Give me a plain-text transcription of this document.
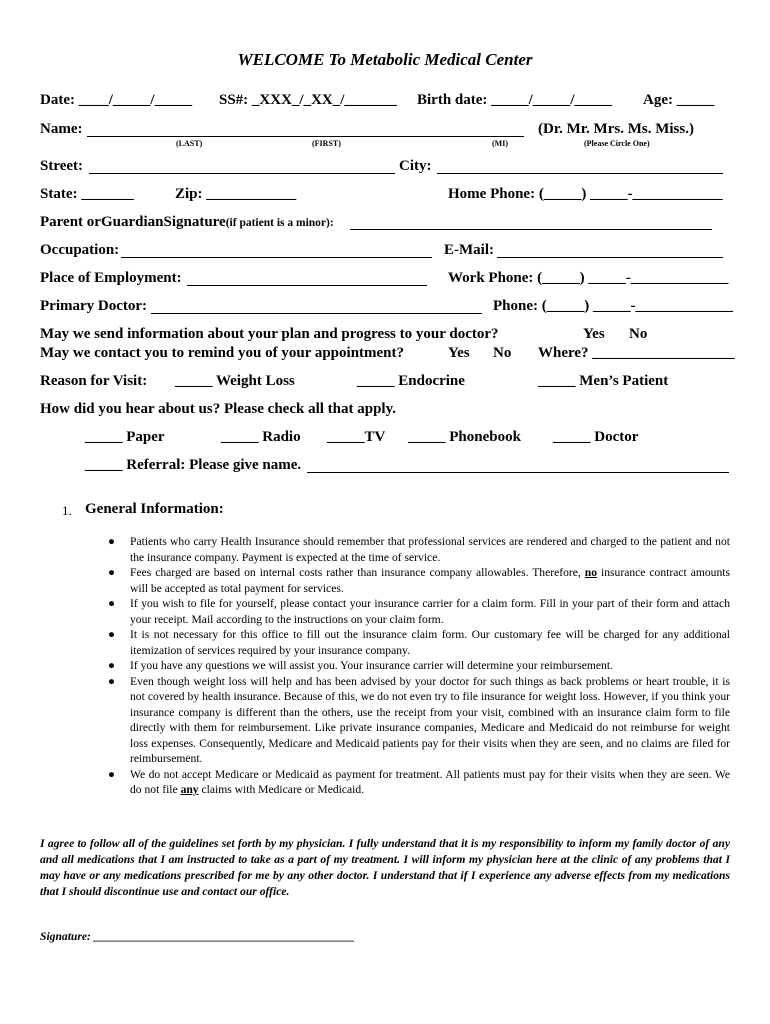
WELCOME To Metabolic Medical Center
Date: ____/_____/_____ SS#: _XXX_/_XX_/_______ Birth date: _____/_____/_____ Age: _____
Name:	(Dr. Mr. Mrs. Ms. Miss.)
(LAST)	(FIRST)	(MI)	(Please Circle One)
Street:	City:
State: _______	Zip: ____________	Home Phone: (_____) _____-____________
Parent orGuardianSignature(if patient is a minor):
Occupation:	E-Mail:
Place of Employment:	Work Phone: (_____) _____-_____________
Primary Doctor:	Phone: (_____) _____-_____________
May we send information about your plan and progress to your doctor?	Yes No
May we contact you to remind you of your appointment?	Yes No Where? ___________________
Reason for Visit: _____ Weight Loss	_____ Endocrine	_____ Men’s Patient
How did you hear about us? Please check all that apply.
_____ Paper	_____ Radio _____TV _____ Phonebook _____ Doctor
_____ Referral: Please give name.
1. General Information:
● Patients who carry Health Insurance should remember that professional services are rendered and charged to the patient and not the insurance company. Payment is expected at the time of service.
● Fees charged are based on internal costs rather than insurance company allowables. Therefore, no insurance contract amounts will be accepted as total payment for services.
● If you wish to file for yourself, please contact your insurance carrier for a claim form. Fill in your part of their form and attach your receipt. Mail according to the instructions on your claim form.
● It is not necessary for this office to fill out the insurance claim form. Our customary fee will be charged for any additional itemization of services required by your insurance company.
● If you have any questions we will assist you. Your insurance carrier will determine your reimbursement.
● Even though weight loss will help and has been advised by your doctor for such things as back problems or heart trouble, it is not covered by health insurance. Because of this, we do not even try to file insurance for weight loss. However, if you think your insurance company is different than the others, use the receipt from your visit, combined with an insurance claim form to file directly with them for reimbursement. Like private insurance companies, Medicare and Medicaid do not reimburse for weight loss expenses. Consequently, Medicare and Medicaid patients pay for their visits when they are seen, and no claims are filed for reimbursement.
● We do not accept Medicare or Medicaid as payment for treatment. All patients must pay for their visits when they are seen. We do not file any claims with Medicare or Medicaid.
I agree to follow all of the guidelines set forth by my physician. I fully understand that it is my responsibility to inform my family doctor of any and all medications that I am instructed to take as a part of my treatment. I will inform my physician here at the clinic of any problems that I may have or any medications prescribed for me by any other doctor. I understand that if I experience any adverse effects from my medications that I should discontinue use and contact our office.
Signature: _____________________________________________
